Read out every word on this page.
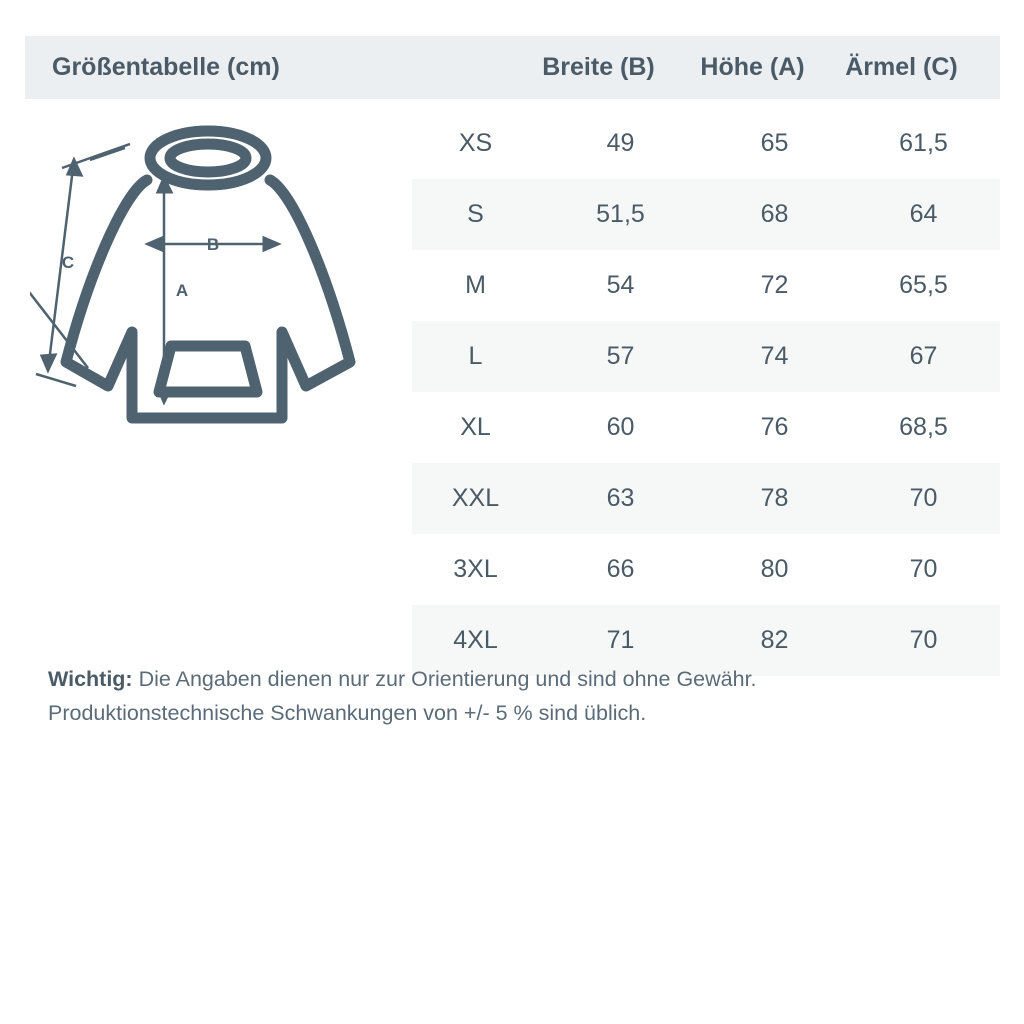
Größentabelle (cm)	Breite (B)	Höhe (A)	Ärmel (C)
C
B
A
XS	49	65	61,5
S	51,5	68	64
M	54	72	65,5
L	57	74	67
XL	60	76	68,5
XXL	63	78	70
3XL	66	80	70
4XL	71	82	70
Wichtig: Die Angaben dienen nur zur Orientierung und sind ohne Gewähr.
Produktionstechnische Schwankungen von +/- 5 % sind üblich.
